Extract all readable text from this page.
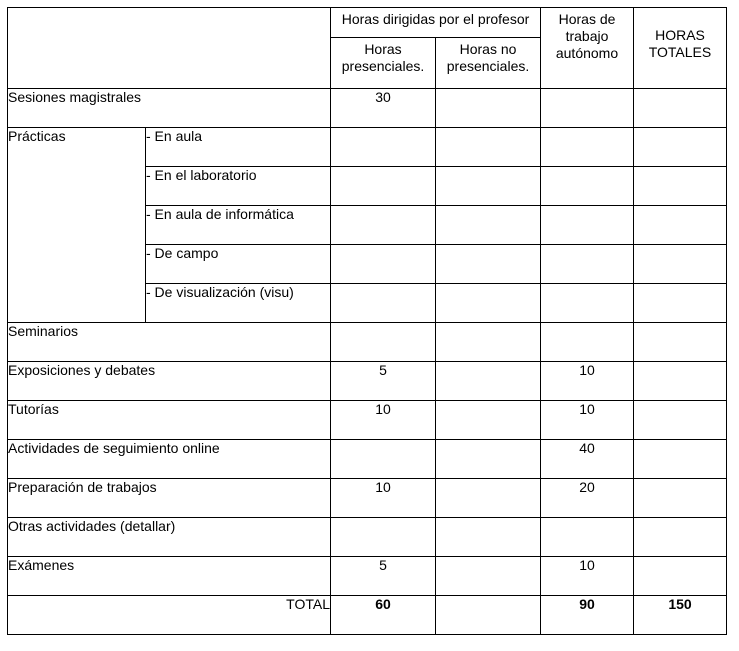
		Horas dirigidas por el profesor		Horas de trabajo autónomo	HORAS TOTALES
		Horas presenciales.	Horas no presenciales.		
Sesiones magistrales		30			
Prácticas	- En aula				
	- En el laboratorio				
	- En aula de informática				
	- De campo				
	- De visualización (visu)				
Seminarios					
Exposiciones y debates		5		10	
Tutorías		10		10	
Actividades de seguimiento online				40	
Preparación de trabajos		10		20	
Otras actividades (detallar)					
Exámenes		5		10	
TOTAL		60		90	150
